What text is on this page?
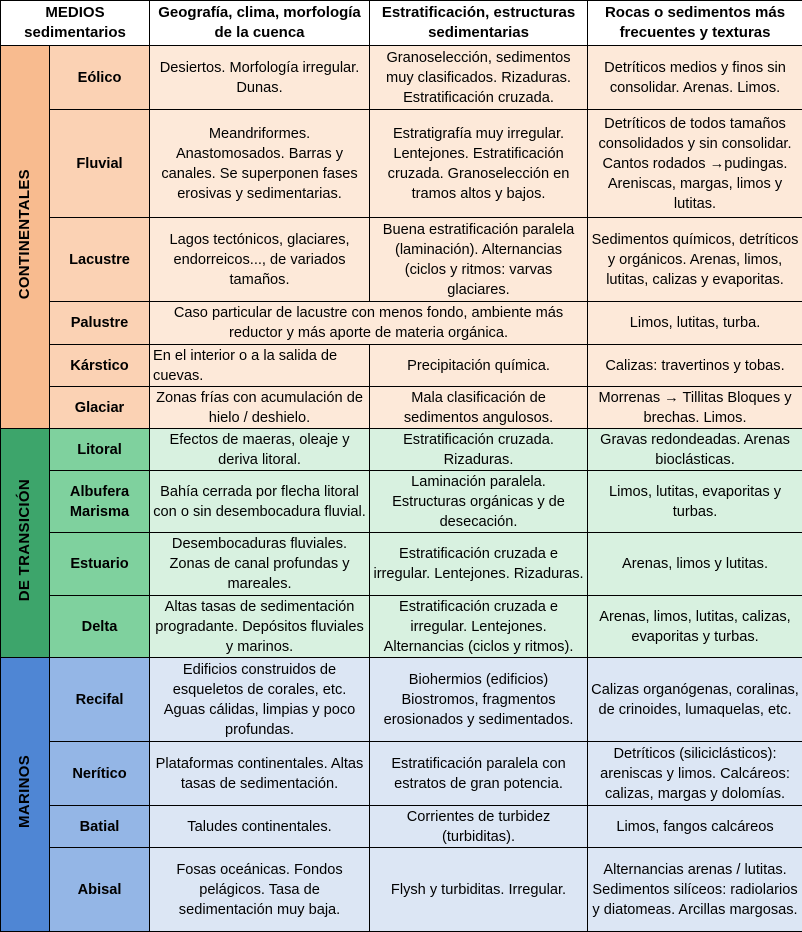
MEDIOS sedimentarios		Geografía, clima, morfología de la cuenca	Estratificación, estructuras sedimentarias	Rocas o sedimentos más frecuentes y texturas
CONTINENTALES	Eólico	Desiertos. Morfología irregular. Dunas.	Granoselección, sedimentos muy clasificados. Rizaduras. Estratificación cruzada.	Detríticos medios y finos sin consolidar. Arenas. Limos.
	Fluvial	Meandriformes. Anastomosados. Barras y canales. Se superponen fases erosivas y sedimentarias.	Estratigrafía muy irregular. Lentejones. Estratificación cruzada. Granoselección en tramos altos y bajos.	Detríticos de todos tamaños consolidados y sin consolidar. Cantos rodados →pudingas. Areniscas, margas, limos y lutitas.
	Lacustre	Lagos tectónicos, glaciares, endorreicos..., de variados tamaños.	Buena estratificación paralela (laminación). Alternancias (ciclos y ritmos: varvas glaciares.	Sedimentos químicos, detríticos y orgánicos. Arenas, limos, lutitas, calizas y evaporitas.
	Palustre	Caso particular de lacustre con menos fondo, ambiente más reductor y más aporte de materia orgánica.		Limos, lutitas, turba.
	Kárstico	En el interior o a la salida de cuevas.	Precipitación química.	Calizas: travertinos y tobas.
	Glaciar	Zonas frías con acumulación de hielo / deshielo.	Mala clasificación de sedimentos angulosos.	Morrenas → Tillitas Bloques y brechas. Limos.
DE TRANSICIÓN	Litoral	Efectos de maeras, oleaje y deriva litoral.	Estratificación cruzada. Rizaduras.	Gravas redondeadas. Arenas bioclásticas.
	Albufera Marisma	Bahía cerrada por flecha litoral con o sin desembocadura fluvial.	Laminación paralela. Estructuras orgánicas y de desecación.	Limos, lutitas, evaporitas y turbas.
	Estuario	Desembocaduras fluviales. Zonas de canal profundas y mareales.	Estratificación cruzada e irregular. Lentejones. Rizaduras.	Arenas, limos y lutitas.
	Delta	Altas tasas de sedimentación progradante. Depósitos fluviales y marinos.	Estratificación cruzada e irregular. Lentejones. Alternancias (ciclos y ritmos).	Arenas, limos, lutitas, calizas, evaporitas y turbas.
MARINOS	Recifal	Edificios construidos de esqueletos de corales, etc. Aguas cálidas, limpias y poco profundas.	Biohermios (edificios) Biostromos, fragmentos erosionados y sedimentados.	Calizas organógenas, coralinas, de crinoides, lumaquelas, etc.
	Nerítico	Plataformas continentales. Altas tasas de sedimentación.	Estratificación paralela con estratos de gran potencia.	Detríticos (siliciclásticos): areniscas y limos. Calcáreos: calizas, margas y dolomías.
	Batial	Taludes continentales.	Corrientes de turbidez (turbiditas).	Limos, fangos calcáreos
	Abisal	Fosas oceánicas. Fondos pelágicos. Tasa de sedimentación muy baja.	Flysh y turbiditas. Irregular.	Alternancias arenas / lutitas. Sedimentos silíceos: radiolarios y diatomeas. Arcillas margosas.
